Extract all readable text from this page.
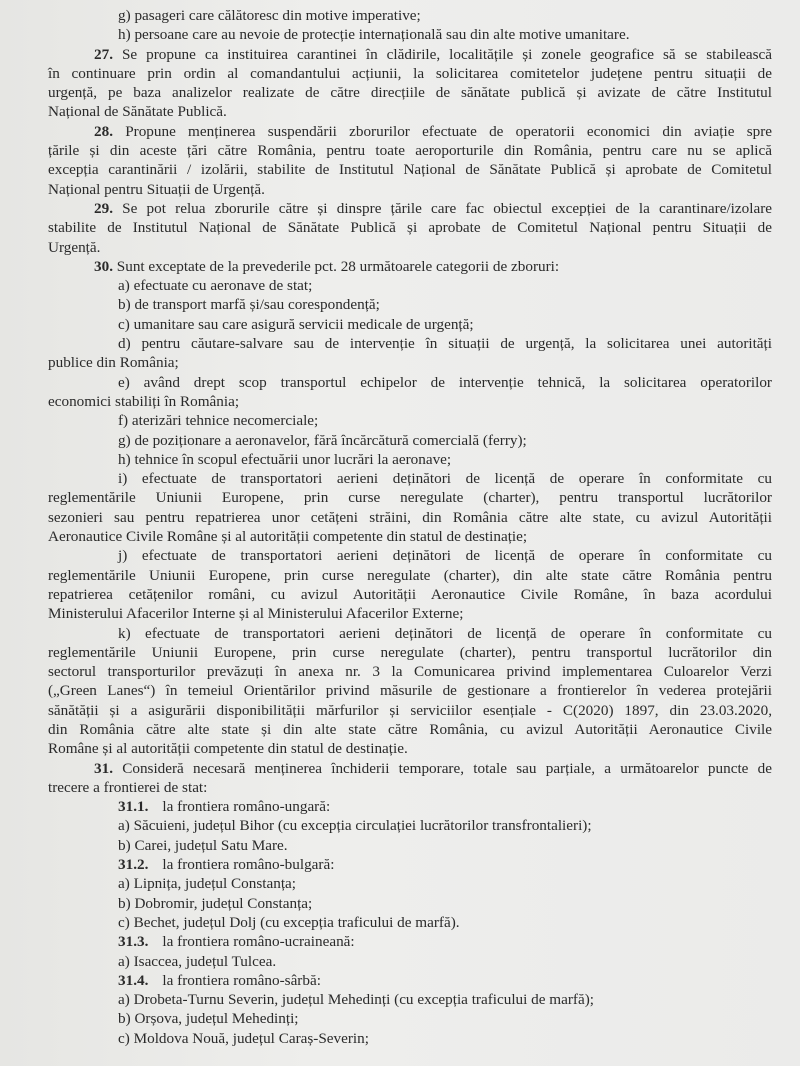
g) pasageri care călătoresc din motive imperative;
h) persoane care au nevoie de protecție internațională sau din alte motive umanitare.
27. Se propune ca instituirea carantinei în clădirile, localitățile și zonele geografice să se stabilească
în continuare prin ordin al comandantului acțiunii, la solicitarea comitetelor județene pentru situații de
urgență, pe baza analizelor realizate de către direcțiile de sănătate publică și avizate de către Institutul
Național de Sănătate Publică.
28. Propune menținerea suspendării zborurilor efectuate de operatorii economici din aviație spre
țările și din aceste țări către România, pentru toate aeroporturile din România, pentru care nu se aplică
excepția carantinării / izolării, stabilite de Institutul Național de Sănătate Publică și aprobate de Comitetul
Național pentru Situații de Urgență.
29. Se pot relua zborurile către și dinspre țările care fac obiectul excepției de la carantinare/izolare
stabilite de Institutul Național de Sănătate Publică și aprobate de Comitetul Național pentru Situații de
Urgență.
30. Sunt exceptate de la prevederile pct. 28 următoarele categorii de zboruri:
a) efectuate cu aeronave de stat;
b) de transport marfă și/sau corespondență;
c) umanitare sau care asigură servicii medicale de urgență;
d) pentru căutare-salvare sau de intervenție în situații de urgență, la solicitarea unei autorități
publice din România;
e) având drept scop transportul echipelor de intervenție tehnică, la solicitarea operatorilor
economici stabiliți în România;
f) aterizări tehnice necomerciale;
g) de poziționare a aeronavelor, fără încărcătură comercială (ferry);
h) tehnice în scopul efectuării unor lucrări la aeronave;
i) efectuate de transportatori aerieni deținători de licență de operare în conformitate cu
reglementările Uniunii Europene, prin curse neregulate (charter), pentru transportul lucrătorilor
sezonieri sau pentru repatrierea unor cetățeni străini, din România către alte state, cu avizul Autorității
Aeronautice Civile Române și al autorității competente din statul de destinație;
j) efectuate de transportatori aerieni deținători de licență de operare în conformitate cu
reglementările Uniunii Europene, prin curse neregulate (charter), din alte state către România pentru
repatrierea cetățenilor români, cu avizul Autorității Aeronautice Civile Române, în baza acordului
Ministerului Afacerilor Interne și al Ministerului Afacerilor Externe;
k) efectuate de transportatori aerieni deținători de licență de operare în conformitate cu
reglementările Uniunii Europene, prin curse neregulate (charter), pentru transportul lucrătorilor din
sectorul transporturilor prevăzuți în anexa nr. 3 la Comunicarea privind implementarea Culoarelor Verzi
(„Green Lanes“) în temeiul Orientărilor privind măsurile de gestionare a frontierelor în vederea protejării
sănătății și a asigurării disponibilității mărfurilor și serviciilor esențiale - C(2020) 1897, din 23.03.2020,
din România către alte state și din alte state către România, cu avizul Autorității Aeronautice Civile
Române și al autorității competente din statul de destinație.
31. Consideră necesară menținerea închiderii temporare, totale sau parțiale, a următoarelor puncte de
trecere a frontierei de stat:
31.1. la frontiera româno-ungară:
a) Săcuieni, județul Bihor (cu excepția circulației lucrătorilor transfrontalieri);
b) Carei, județul Satu Mare.
31.2. la frontiera româno-bulgară:
a) Lipnița, județul Constanța;
b) Dobromir, județul Constanța;
c) Bechet, județul Dolj (cu excepția traficului de marfă).
31.3. la frontiera româno-ucraineană:
a) Isaccea, județul Tulcea.
31.4. la frontiera româno-sârbă:
a) Drobeta-Turnu Severin, județul Mehedinți (cu excepția traficului de marfă);
b) Orșova, județul Mehedinți;
c) Moldova Nouă, județul Caraș-Severin;
